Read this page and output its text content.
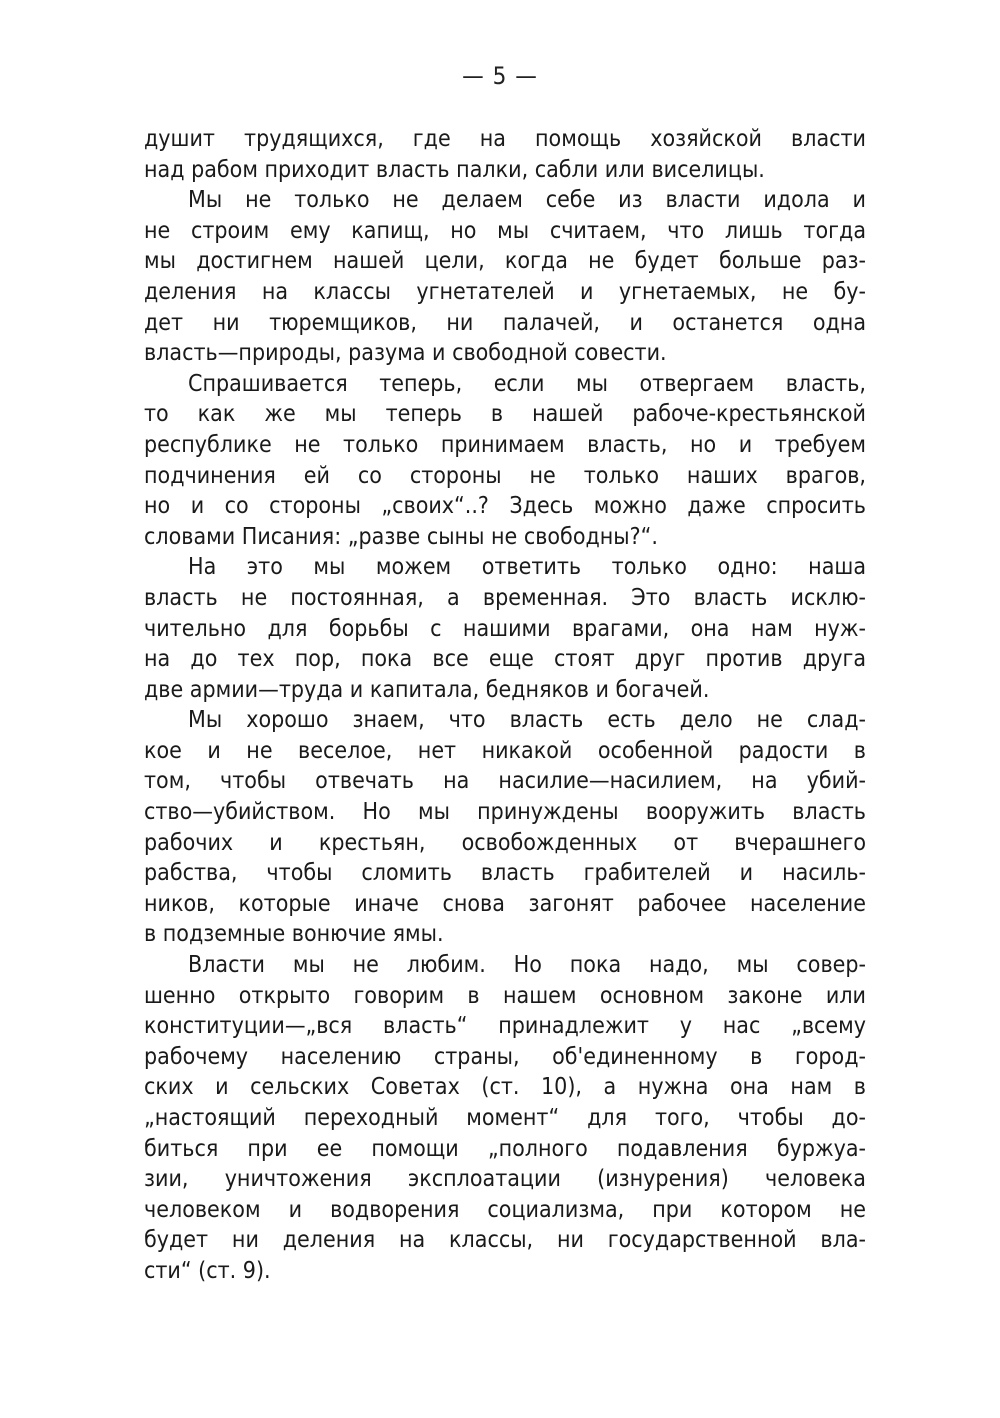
— 5 —
душит трудящихся, где на помощь хозяйской власти
над рабом приходит власть палки, сабли или виселицы.
Мы не только не делаем себе из власти идола и
не строим ему капищ, но мы считаем, что лишь тогда
мы достигнем нашей цели, когда не будет больше раз-
деления на классы угнетателей и угнетаемых, не бу-
дет ни тюремщиков, ни палачей, и останется одна
власть—природы, разума и свободной совести.
Спрашивается теперь, если мы отвергаем власть,
то как же мы теперь в нашей рабоче-крестьянской
республике не только принимаем власть, но и требуем
подчинения ей со стороны не только наших врагов,
но и со стороны „своих“..? Здесь можно даже спросить
словами Писания: „разве сыны не свободны?“.
На это мы можем ответить только одно: наша
власть не постоянная, а временная. Это власть исклю-
чительно для борьбы с нашими врагами, она нам нуж-
на до тех пор, пока все еще стоят друг против друга
две армии—труда и капитала, бедняков и богачей.
Мы хорошо знаем, что власть есть дело не слад-
кое и не веселое, нет никакой особенной радости в
том, чтобы отвечать на насилие—насилием, на убий-
ство—убийством. Но мы принуждены вооружить власть
рабочих и крестьян, освобожденных от вчерашнего
рабства, чтобы сломить власть грабителей и насиль-
ников, которые иначе снова загонят рабочее население
в подземные вонючие ямы.
Власти мы не любим. Но пока надо, мы совер-
шенно открыто говорим в нашем основном законе или
конституции—„вся власть“ принадлежит у нас „всему
рабочему населению страны, об'единенному в город-
ских и сельских Советах (ст. 10), а нужна она нам в
„настоящий переходный момент“ для того, чтобы до-
биться при ее помощи „полного подавления буржуа-
зии, уничтожения эксплоатации (изнурения) человека
человеком и водворения социализма, при котором не
будет ни деления на классы, ни государственной вла-
сти“ (ст. 9).
